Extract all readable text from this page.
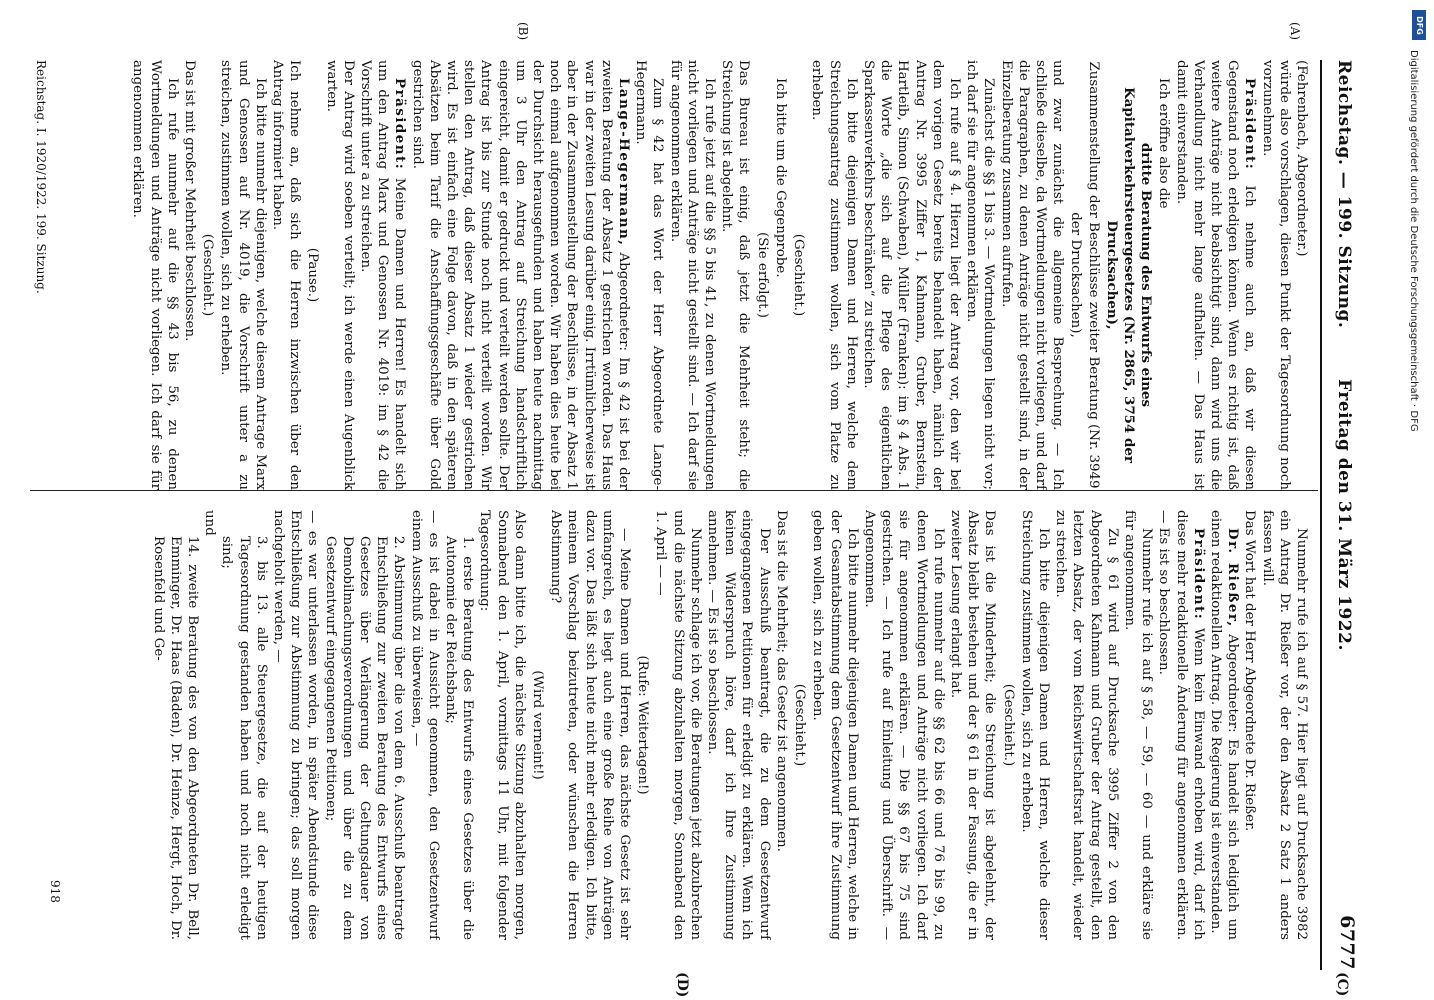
Reichstag. — 199. Sitzung.
Freitag den 31. März 1922.
6777
(A)
(B)
(C)
(D)

(Fehrenbach, Abgeordneter.)

würde also vorschlagen, diesen Punkt der Tagesordnung noch vorzunehmen.

Präsident: Ich nehme auch an, daß wir diesen Gegenstand noch erledigen können. Wenn es richtig ist, daß weitere Anträge nicht beabsichtigt sind, dann wird uns die Verhandlung nicht mehr lange aufhalten. — Das Haus ist damit einverstanden.

Ich eröffne also die

dritte Beratung des Entwurfs eines Kapitalverkehrsteuergesetzes (Nr. 2865, 3754 der Drucksachen),

Zusammenstellung der Beschlüsse zweiter Beratung (Nr. 3949 der Drucksachen),

und zwar zunächst die allgemeine Besprechung. — Ich schließe dieselbe, da Wortmeldungen nicht vorliegen, und darf die Paragraphen, zu denen Anträge nicht gestellt sind, in der Einzelberatung zusammen aufrufen.

Zunächst die §§ 1 bis 3. — Wortmeldungen liegen nicht vor; ich darf sie für angenommen erklären.

Ich rufe auf § 4. Hierzu liegt der Antrag vor, den wir bei dem vorigen Gesetz bereits behandelt haben, nämlich der Antrag Nr. 3995 Ziffer 1, Kahmann, Gruber, Bernstein, Hartleib, Simon (Schwaben), Müller (Franken): im § 4 Abs. 1 die Worte „die sich auf die Pflege des eigentlichen Sparkassenverkehrs beschränken“ zu streichen.

Ich bitte diejenigen Damen und Herren, welche dem Streichungsantrag zustimmen wollen, sich vom Platze zu erheben.

(Geschieht.)

Ich bitte um die Gegenprobe.

(Sie erfolgt.)

Das Bureau ist einig, daß jetzt die Mehrheit steht; die Streichung ist abgelehnt.

Ich rufe jetzt auf die §§ 5 bis 41, zu denen Wortmeldungen nicht vorliegen und Anträge nicht gestellt sind. — Ich darf sie für angenommen erklären.

Zum § 42 hat das Wort der Herr Abgeordnete Lange-Hegermann.

Lange-Hegermann, Abgeordneter: Im § 42 ist bei der zweiten Beratung der Absatz 1 gestrichen worden. Das Haus war in der zweiten Lesung darüber einig. Irrtümlicherweise ist aber in der Zusammenstellung der Beschlüsse, in der Absatz 1 noch einmal aufgenommen worden. Wir haben dies heute bei der Durchsicht herausgefunden und haben heute nachmittag um 3 Uhr den Antrag auf Streichung handschriftlich eingereicht, damit er gedruckt und verteilt werden sollte. Der Antrag ist bis zur Stunde noch nicht verteilt worden. Wir stellen den Antrag, daß dieser Absatz 1 wieder gestrichen wird. Es ist einfach eine Folge davon, daß in den späteren Absätzen beim Tarif die Anschaffungsgeschäfte über Gold gestrichen sind.

Präsident: Meine Damen und Herren! Es handelt sich um den Antrag Marx und Genossen Nr. 4019: im § 42 die Vorschrift unter a zu streichen.

Der Antrag wird soeben verteilt; ich werde einen Augenblick warten.

(Pause.)

Ich nehme an, daß sich die Herren inzwischen über den Antrag informiert haben.

Ich bitte nunmehr diejenigen, welche diesem Antrage Marx und Genossen auf Nr. 4019, die Vorschrift unter a zu streichen, zustimmen wollen, sich zu erheben.

(Geschieht.)

Das ist mit großer Mehrheit beschlossen.

Ich rufe nunmehr auf die §§ 43 bis 56, zu denen Wortmeldungen und Anträge nicht vorliegen. Ich darf sie für angenommen erklären.

Nunmehr rufe ich auf § 57. Hier liegt auf Drucksache 3982 ein Antrag Dr. Rießer vor, der den Absatz 2 Satz 1 anders fassen will.

Das Wort hat der Herr Abgeordnete Dr. Rießer.

Dr. Rießer, Abgeordneter: Es handelt sich lediglich um einen redaktionellen Antrag. Die Regierung ist einverstanden.

Präsident: Wenn kein Einwand erhoben wird, darf ich diese mehr redaktionelle Änderung für angenommen erklären. — Es ist so beschlossen.

Nunmehr rufe ich auf § 58, — 59, — 60 — und erkläre sie für angenommen.

Zu § 61 wird auf Drucksache 3995 Ziffer 2 von den Abgeordneten Kahmann und Gruber der Antrag gestellt, den letzten Absatz, der vom Reichswirtschaftsrat handelt, wieder zu streichen.

Ich bitte diejenigen Damen und Herren, welche dieser Streichung zustimmen wollen, sich zu erheben.

(Geschieht.)

Das ist die Minderheit; die Streichung ist abgelehnt, der Absatz bleibt bestehen und der § 61 in der Fassung, die er in zweiter Lesung erlangt hat.

Ich rufe nunmehr auf die §§ 62 bis 66 und 76 bis 99, zu denen Wortmeldungen und Anträge nicht vorliegen. Ich darf sie für angenommen erklären. — Die §§ 67 bis 75 sind gestrichen. — Ich rufe auf Einleitung und Überschrift. — Angenommen.

Ich bitte nunmehr diejenigen Damen und Herren, welche in der Gesamtabstimmung dem Gesetzentwurf ihre Zustimmung geben wollen, sich zu erheben.

(Geschieht.)

Das ist die Mehrheit; das Gesetz ist angenommen.

Der Ausschuß beantragt, die zu dem Gesetzentwurf eingegangenen Petitionen für erledigt zu erklären. Wenn ich keinen Widerspruch höre, darf ich Ihre Zustimmung annehmen. — Es ist so beschlossen.

Nunmehr schlage ich vor, die Beratungen jetzt abzubrechen und die nächste Sitzung abzuhalten morgen, Sonnabend den 1. April — —

(Rufe: Weitertagen!)

— Meine Damen und Herren, das nächste Gesetz ist sehr umfangreich, es liegt auch eine große Reihe von Anträgen dazu vor. Das läßt sich heute nicht mehr erledigen. Ich bitte, meinem Vorschlag beizutreten, oder wünschen die Herren Abstimmung?

(Wird verneint!)

Also dann bitte ich, die nächste Sitzung abzuhalten morgen, Sonnabend den 1. April, vormittags 11 Uhr, mit folgender Tagesordnung:

1. erste Beratung des Entwurfs eines Gesetzes über die Autonomie der Reichsbank;

— es ist dabei in Aussicht genommen, den Gesetzentwurf einem Ausschuß zu überweisen, —

2. Abstimmung über die von dem 6. Ausschuß beantragte Entschließung zur zweiten Beratung des Entwurfs eines Gesetzes über Verlängerung der Geltungsdauer von Demobilmachungsverordnungen und über die zu dem Gesetzentwurf eingegangenen Petitionen;

— es war unterlassen worden, in später Abendstunde diese Entschließung zur Abstimmung zu bringen; das soll morgen nachgeholt werden, —

3. bis 13. alle Steuergesetze, die auf der heutigen Tagesordnung gestanden haben und noch nicht erledigt sind;

und

14. zweite Beratung des von den Abgeordneten Dr. Bell, Emminger, Dr. Haas (Baden), Dr. Heinze, Hergt, Hoch, Dr. Rosenfeld und Ge-

918
Reichstag. I. 1920/1922. 199. Sitzung.
DFG
Digitalisierung gefördert durch die Deutsche Forschungsgemeinschaft · DFG
